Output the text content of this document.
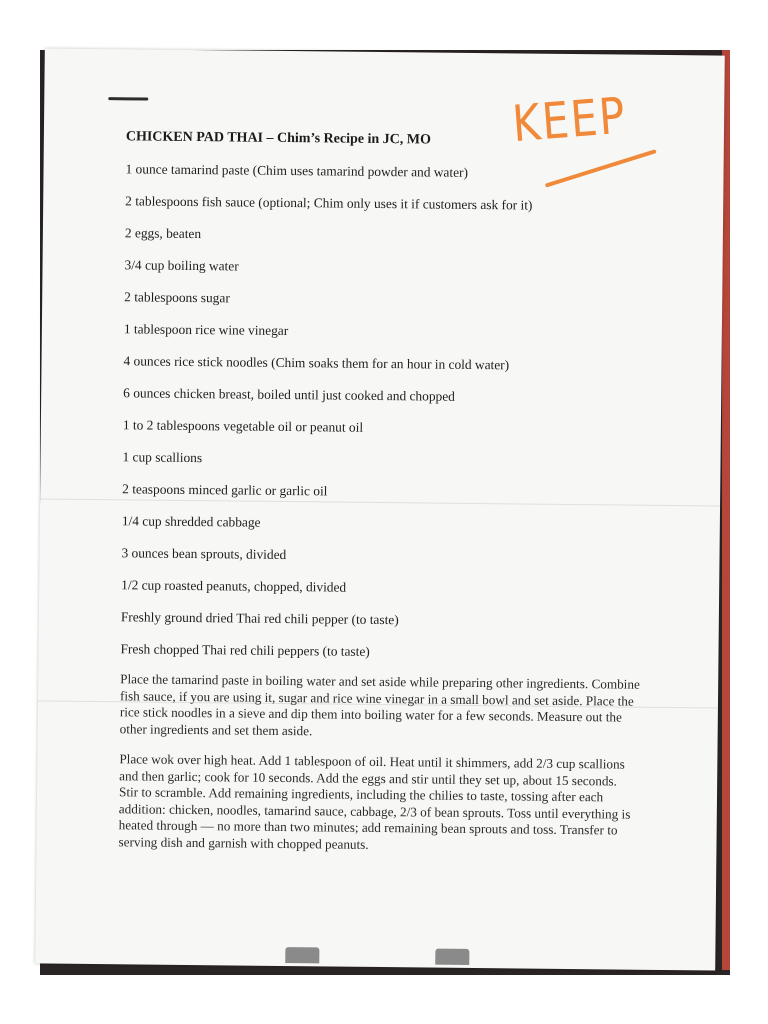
CHICKEN PAD THAI – Chim’s Recipe in JC, MO
1 ounce tamarind paste (Chim uses tamarind powder and water)
2 tablespoons fish sauce (optional; Chim only uses it if customers ask for it)
2 eggs, beaten
3/4 cup boiling water
2 tablespoons sugar
1 tablespoon rice wine vinegar
4 ounces rice stick noodles (Chim soaks them for an hour in cold water)
6 ounces chicken breast, boiled until just cooked and chopped
1 to 2 tablespoons vegetable oil or peanut oil
1 cup scallions
2 teaspoons minced garlic or garlic oil
1/4 cup shredded cabbage
3 ounces bean sprouts, divided
1/2 cup roasted peanuts, chopped, divided
Freshly ground dried Thai red chili pepper (to taste)
Fresh chopped Thai red chili peppers (to taste)
Place the tamarind paste in boiling water and set aside while preparing other ingredients. Combine fish sauce, if you are using it, sugar and rice wine vinegar in a small bowl and set aside. Place the rice stick noodles in a sieve and dip them into boiling water for a few seconds. Measure out the other ingredients and set them aside.
Place wok over high heat. Add 1 tablespoon of oil. Heat until it shimmers, add 2/3 cup scallions and then garlic; cook for 10 seconds. Add the eggs and stir until they set up, about 15 seconds. Stir to scramble. Add remaining ingredients, including the chilies to taste, tossing after each addition: chicken, noodles, tamarind sauce, cabbage, 2/3 of bean sprouts. Toss until everything is heated through — no more than two minutes; add remaining bean sprouts and toss. Transfer to serving dish and garnish with chopped peanuts.
KEEP
